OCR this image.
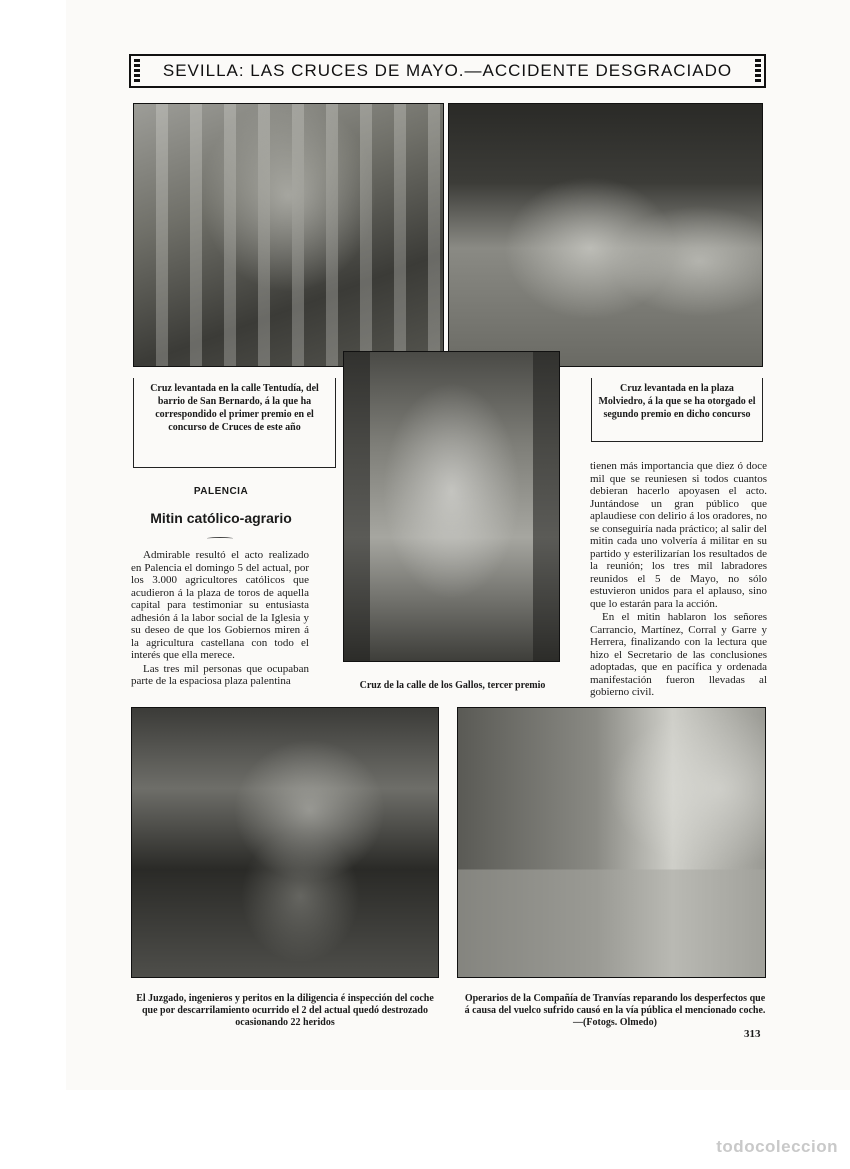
SEVILLA: LAS CRUCES DE MAYO.—ACCIDENTE DESGRACIADO
Cruz levantada en la calle Tentudía, del barrio de San Bernardo, á la que ha correspondido el primer premio en el concurso de Cruces de este año
Cruz levantada en la plaza Molviedro, á la que se ha otorgado el segundo premio en dicho concurso
Cruz de la calle de los Gallos, tercer premio
PALENCIA
Mitin católico-agrario

Admirable resultó el acto realizado en Palencia el domingo 5 del actual, por los 3.000 agricultores católicos que acudieron á la plaza de toros de aquella capital para testimoniar su entusiasta adhesión á la labor social de la Iglesia y su deseo de que los Gobiernos miren á la agricultura castellana con todo el interés que ella merece.

Las tres mil personas que ocupaban parte de la espaciosa plaza palentina

tienen más importancia que diez ó doce mil que se reuniesen si todos cuantos debieran hacerlo apoyasen el acto. Juntándose un gran público que aplaudiese con delirio á los oradores, no se conseguiría nada práctico; al salir del mitin cada uno volvería á militar en su partido y esterilizarían los resultados de la reunión; los tres mil labradores reunidos el 5 de Mayo, no sólo estuvieron unidos para el aplauso, sino que lo estarán para la acción.

En el mitin hablaron los señores Carrancio, Martínez, Corral y Garre y Herrera, finalizando con la lectura que hizo el Secretario de las conclusiones adoptadas, que en pacífica y ordenada manifestación fueron llevadas al gobierno civil.

El Juzgado, ingenieros y peritos en la diligencia é inspección del coche que por descarrilamiento ocurrido el 2 del actual quedó destrozado ocasionando 22 heridos
Operarios de la Compañía de Tranvías reparando los desperfectos que á causa del vuelco sufrido causó en la vía pública el mencionado coche.—(Fotogs. Olmedo)
313
todocoleccion
